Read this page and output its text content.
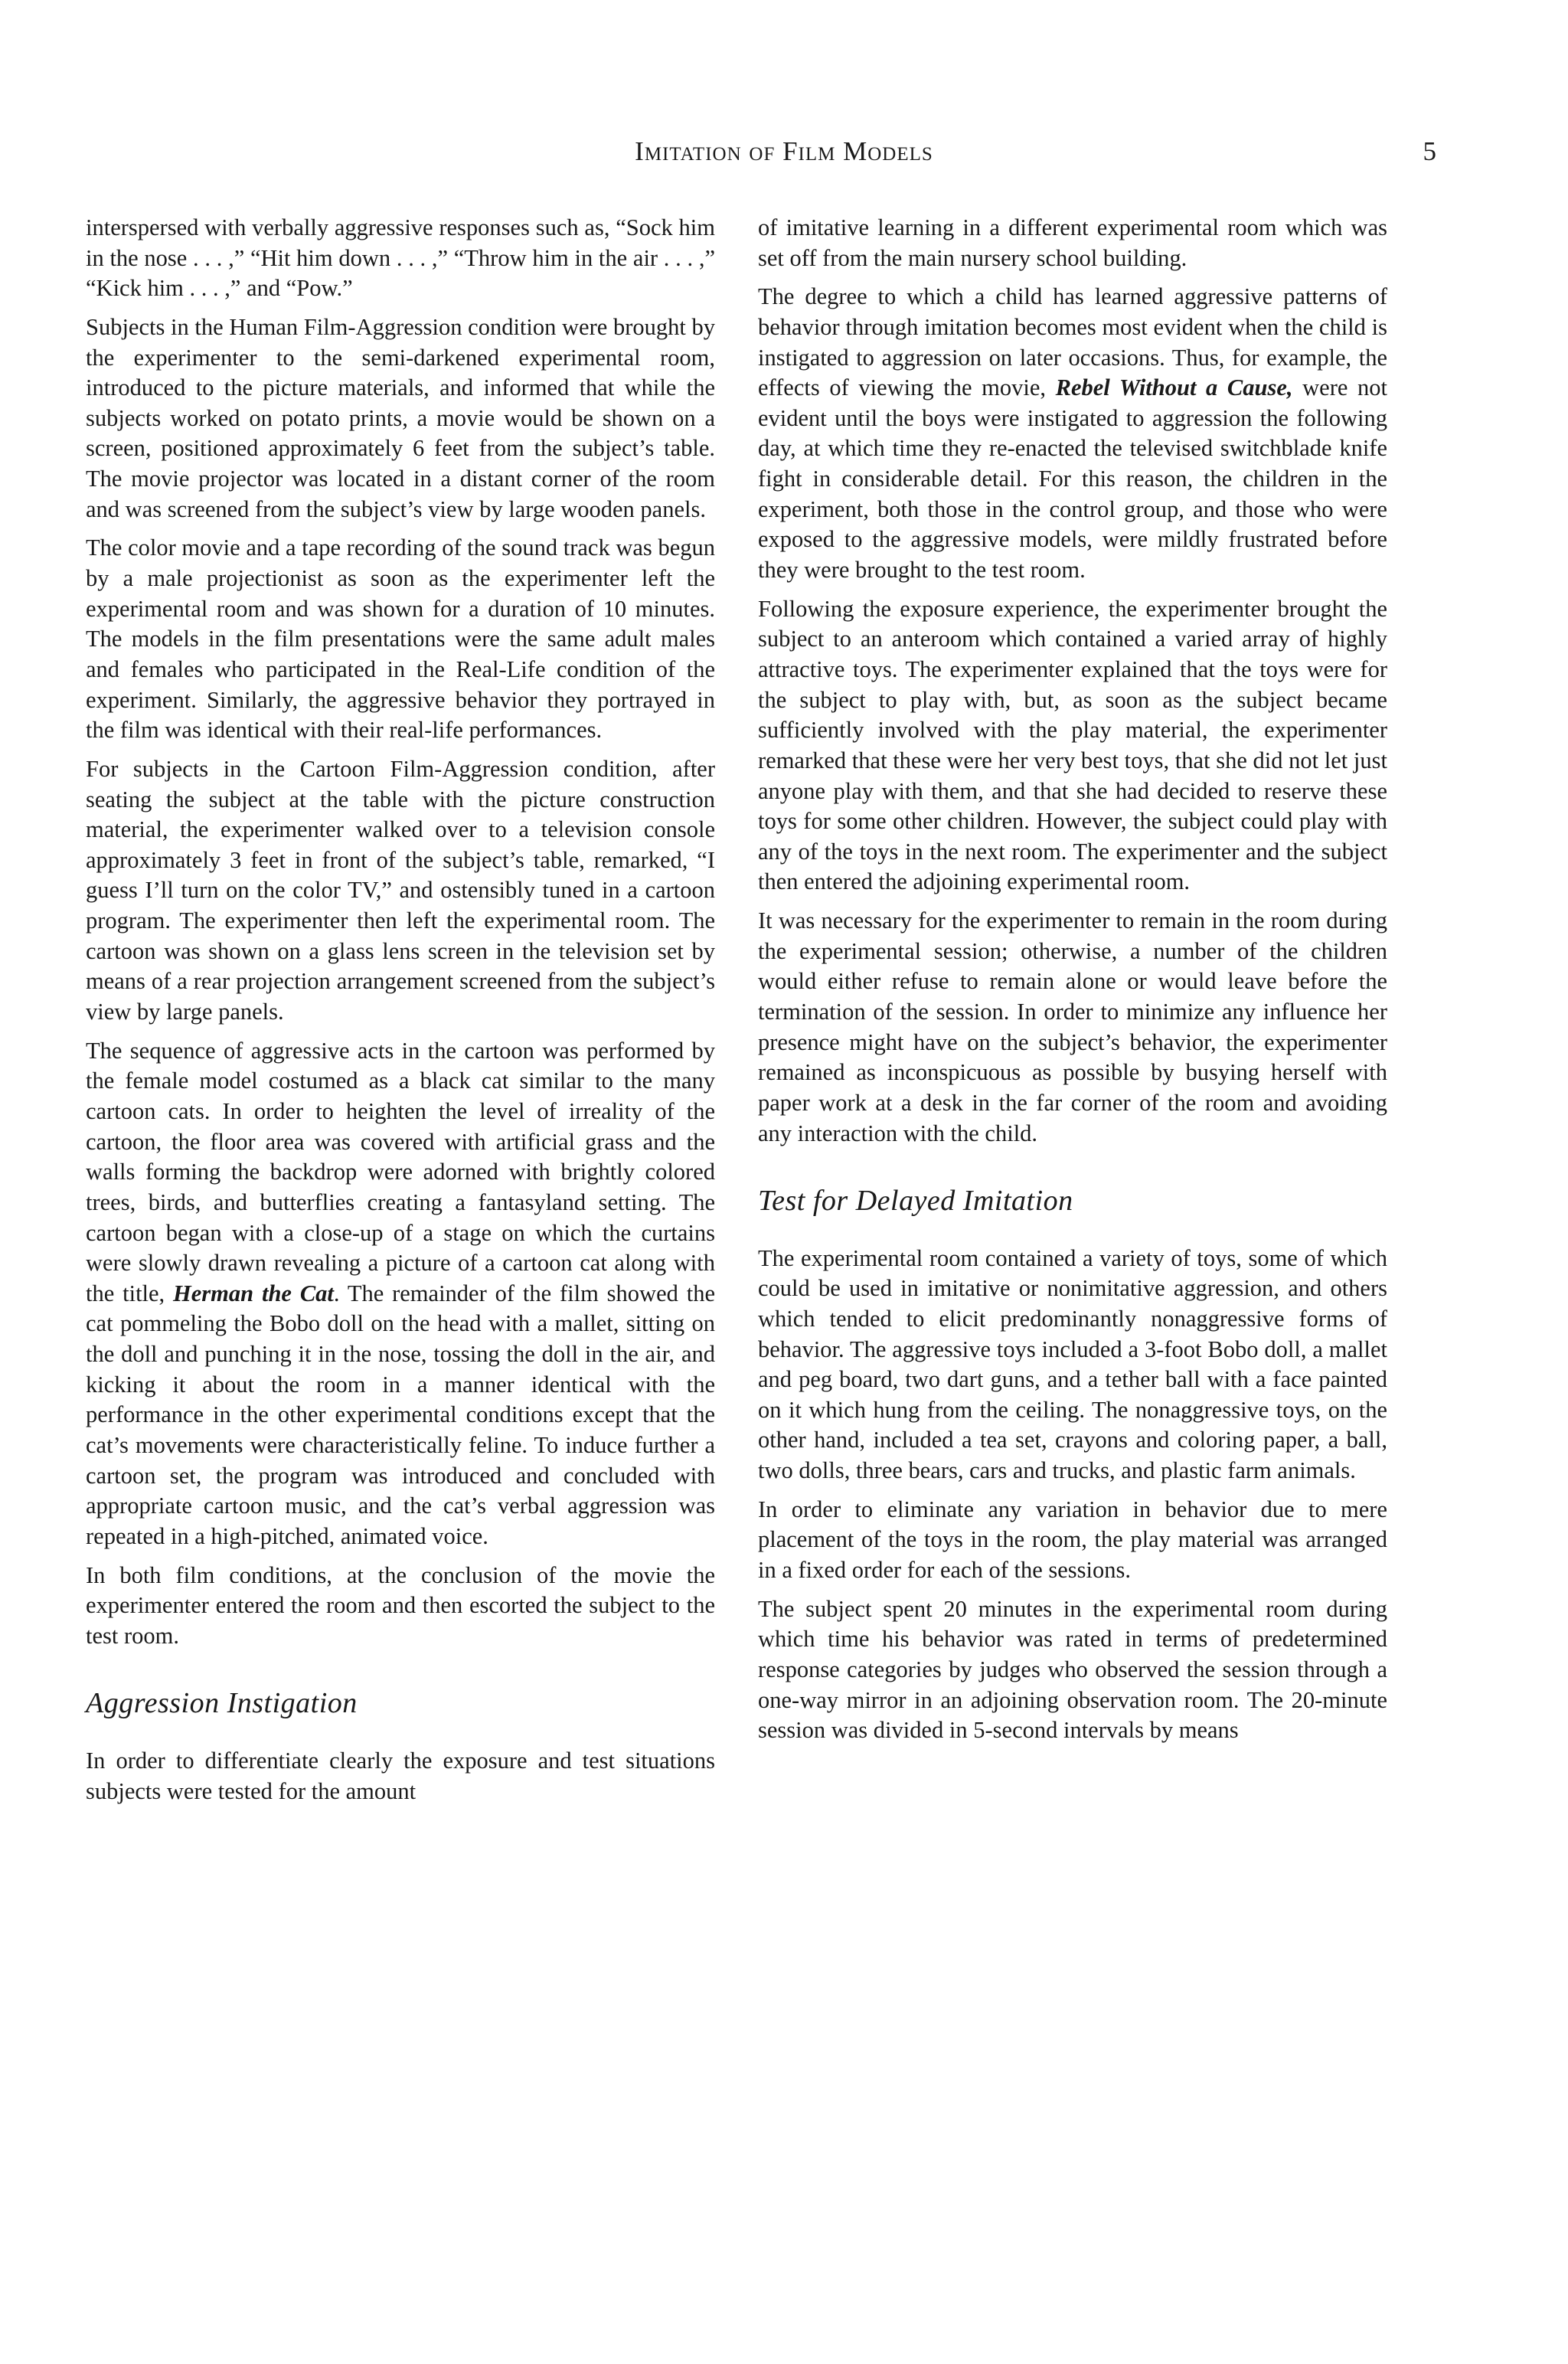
Imitation of Film Models	5

interspersed with verbally aggressive responses such as, “Sock him in the nose . . . ,” “Hit him down . . . ,” “Throw him in the air . . . ,” “Kick him . . . ,” and “Pow.”

Subjects in the Human Film-Aggression condition were brought by the experimenter to the semi-darkened experimental room, introduced to the picture materials, and informed that while the subjects worked on potato prints, a movie would be shown on a screen, positioned approximately 6 feet from the subject’s table. The movie projector was located in a distant corner of the room and was screened from the subject’s view by large wooden panels.

The color movie and a tape recording of the sound track was begun by a male projectionist as soon as the experimenter left the experimental room and was shown for a duration of 10 minutes. The models in the film presentations were the same adult males and females who participated in the Real-Life condition of the experiment. Similarly, the aggressive behavior they portrayed in the film was identical with their real-life performances.

For subjects in the Cartoon Film-Aggression condition, after seating the subject at the table with the picture construction material, the experimenter walked over to a television console approximately 3 feet in front of the subject’s table, remarked, “I guess I’ll turn on the color TV,” and ostensibly tuned in a cartoon program. The experimenter then left the experimental room. The cartoon was shown on a glass lens screen in the television set by means of a rear projection arrangement screened from the subject’s view by large panels.

The sequence of aggressive acts in the cartoon was performed by the female model costumed as a black cat similar to the many cartoon cats. In order to heighten the level of irreality of the cartoon, the floor area was covered with artificial grass and the walls forming the backdrop were adorned with brightly colored trees, birds, and butterflies creating a fantasyland setting. The cartoon began with a close-up of a stage on which the curtains were slowly drawn revealing a picture of a cartoon cat along with the title, Herman the Cat. The remainder of the film showed the cat pommeling the Bobo doll on the head with a mallet, sitting on the doll and punching it in the nose, tossing the doll in the air, and kicking it about the room in a manner identical with the performance in the other experimental conditions except that the cat’s movements were characteristically feline. To induce further a cartoon set, the program was introduced and concluded with appropriate cartoon music, and the cat’s verbal aggression was repeated in a high-pitched, animated voice.

In both film conditions, at the conclusion of the movie the experimenter entered the room and then escorted the subject to the test room.

Aggression Instigation

In order to differentiate clearly the exposure and test situations subjects were tested for the amount

of imitative learning in a different experimental room which was set off from the main nursery school building.

The degree to which a child has learned aggressive patterns of behavior through imitation becomes most evident when the child is instigated to aggression on later occasions. Thus, for example, the effects of viewing the movie, Rebel Without a Cause, were not evident until the boys were instigated to aggression the following day, at which time they re-enacted the televised switchblade knife fight in considerable detail. For this reason, the children in the experiment, both those in the control group, and those who were exposed to the aggressive models, were mildly frustrated before they were brought to the test room.

Following the exposure experience, the experimenter brought the subject to an anteroom which contained a varied array of highly attractive toys. The experimenter explained that the toys were for the subject to play with, but, as soon as the subject became sufficiently involved with the play material, the experimenter remarked that these were her very best toys, that she did not let just anyone play with them, and that she had decided to reserve these toys for some other children. However, the subject could play with any of the toys in the next room. The experimenter and the subject then entered the adjoining experimental room.

It was necessary for the experimenter to remain in the room during the experimental session; otherwise, a number of the children would either refuse to remain alone or would leave before the termination of the session. In order to minimize any influence her presence might have on the subject’s behavior, the experimenter remained as inconspicuous as possible by busying herself with paper work at a desk in the far corner of the room and avoiding any interaction with the child.

Test for Delayed Imitation

The experimental room contained a variety of toys, some of which could be used in imitative or nonimitative aggression, and others which tended to elicit predominantly nonaggressive forms of behavior. The aggressive toys included a 3-foot Bobo doll, a mallet and peg board, two dart guns, and a tether ball with a face painted on it which hung from the ceiling. The nonaggressive toys, on the other hand, included a tea set, crayons and coloring paper, a ball, two dolls, three bears, cars and trucks, and plastic farm animals.

In order to eliminate any variation in behavior due to mere placement of the toys in the room, the play material was arranged in a fixed order for each of the sessions.

The subject spent 20 minutes in the experimental room during which time his behavior was rated in terms of predetermined response categories by judges who observed the session through a one-way mirror in an adjoining observation room. The 20-minute session was divided in 5-second intervals by means
